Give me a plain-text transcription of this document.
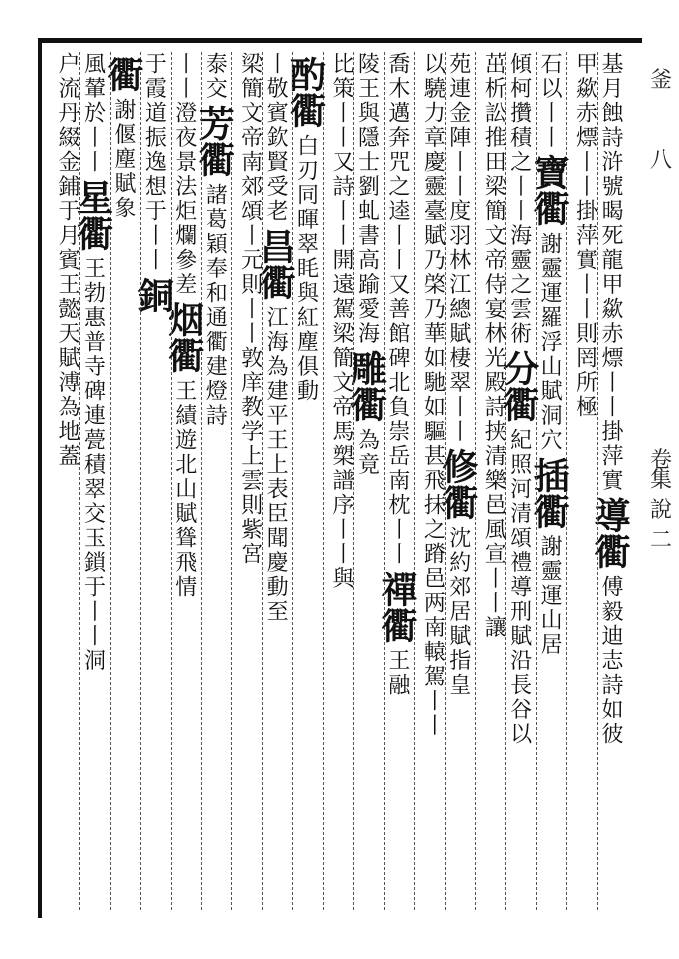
釜
八
卷
集
說
二
基月蝕詩浒號暍死龍甲歘赤熛丨丨掛萍實導衢傅毅迪志詩如彼
甲歘赤熛丨丨掛萍實丨丨則罔所極
石以丨丨寶衢謝靈運羅浮山賦洞穴插衢謝靈運山居
傾柯攢積之丨丨海靈之雲術分衢紀照河清頌禮導刑賦沿長谷以
茁析訟推田梁簡文帝侍宴林光殿詩挟清樂邑風宣丨丨讓
苑連金陣丨丨度羽林江總賦棲翠丨丨修衢沈約郊居賦指皇
以驍力章慶靈臺賦乃棨乃華如馳如驅甚飛抹之蹐邑两南轅駕丨丨
喬木邁奔咒之逵丨丨又善館碑北負崇岳南枕丨丨禪衢王融
陵王與隱士劉虬書高踰愛海雕衢為竟
比策丨丨又詩丨丨開遠駕梁簡文帝馬槊譜序丨丨與
酌衢白刃同暉翠眊與紅塵俱動
丨敬賓欽賢受老昌衢江海為建平王上表臣聞慶動至
梁簡文帝南郊頌丨元則丨丨敦庠教学上雲則紫宮
泰交芳衢諸葛穎奉和通衢建燈詩
丨丨澄夜景法炬爛參差烟衢王績遊北山賦聳飛情
于霞道振逸想于丨丨銅
衢謝偃塵賦象
風輦於丨丨星衢王勃惠普寺碑連甍積翠交玉鎖于丨丨洞
户流丹綴金鋪于月賓王懿天賦溥為地蓋
